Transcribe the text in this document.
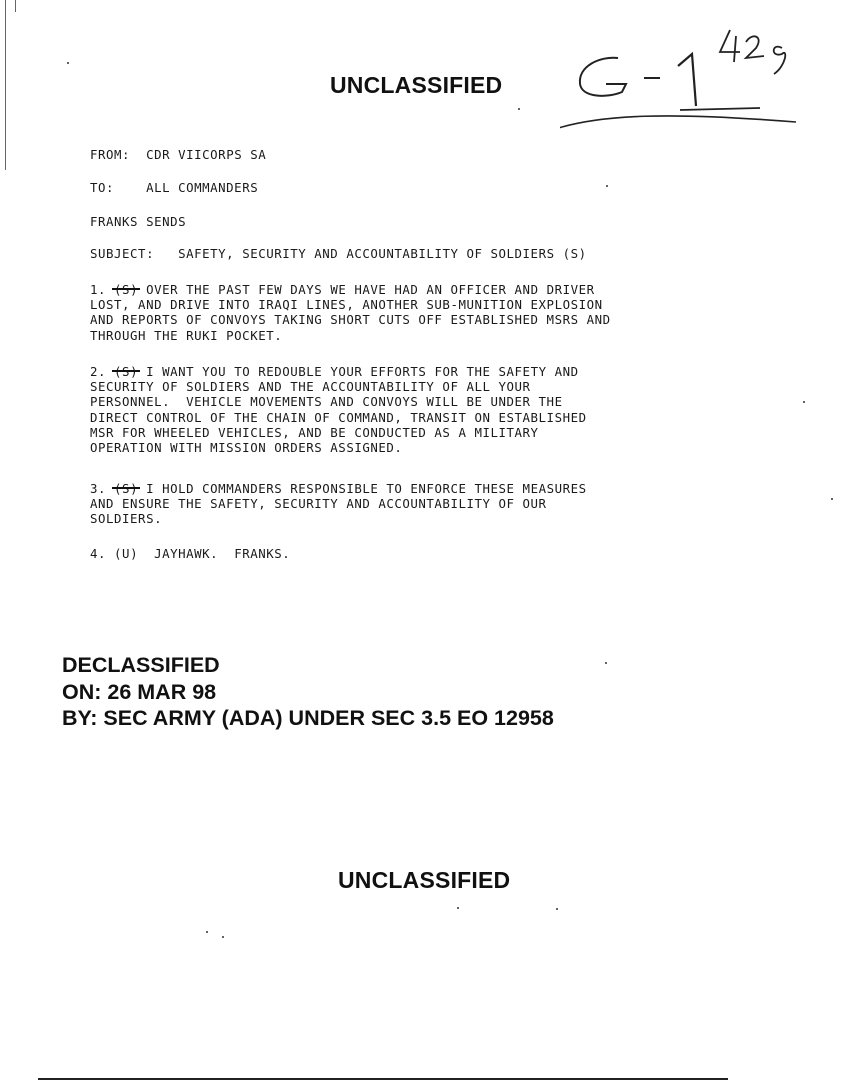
UNCLASSIFIED
FROM: CDR VIICORPS SA
TO:	ALL COMMANDERS
FRANKS SENDS
SUBJECT: SAFETY, SECURITY AND ACCOUNTABILITY OF SOLDIERS (S)
1. (S) OVER THE PAST FEW DAYS WE HAVE HAD AN OFFICER AND DRIVER
LOST, AND DRIVE INTO IRAQI LINES, ANOTHER SUB-MUNITION EXPLOSION
AND REPORTS OF CONVOYS TAKING SHORT CUTS OFF ESTABLISHED MSRS AND
THROUGH THE RUKI POCKET.
2. (S) I WANT YOU TO REDOUBLE YOUR EFFORTS FOR THE SAFETY AND
SECURITY OF SOLDIERS AND THE ACCOUNTABILITY OF ALL YOUR
PERSONNEL.  VEHICLE MOVEMENTS AND CONVOYS WILL BE UNDER THE
DIRECT CONTROL OF THE CHAIN OF COMMAND, TRANSIT ON ESTABLISHED
MSR FOR WHEELED VEHICLES, AND BE CONDUCTED AS A MILITARY
OPERATION WITH MISSION ORDERS ASSIGNED.
3. (S) I HOLD COMMANDERS RESPONSIBLE TO ENFORCE THESE MEASURES
AND ENSURE THE SAFETY, SECURITY AND ACCOUNTABILITY OF OUR
SOLDIERS.
4. (U) JAYHAWK.  FRANKS.
DECLASSIFIED
ON: 26 MAR 98
BY: SEC ARMY (ADA) UNDER SEC 3.5 EO 12958
UNCLASSIFIED
